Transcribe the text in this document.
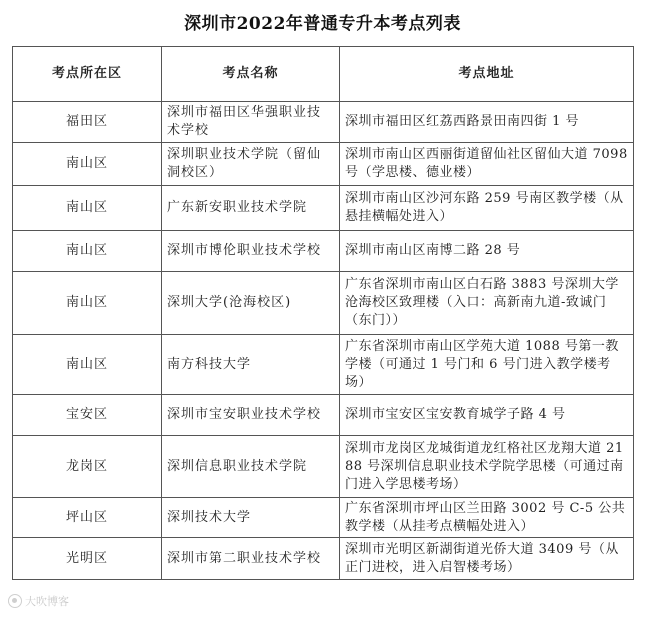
深圳市2022年普通专升本考点列表
考点所在区	考点名称	考点地址
福田区	深圳市福田区华强职业技术学校	深圳市福田区红荔西路景田南四街 1 号
南山区	深圳职业技术学院（留仙洞校区）	深圳市南山区西丽街道留仙社区留仙大道 7098 号（学思楼、德业楼）
南山区	广东新安职业技术学院	深圳市南山区沙河东路 259 号南区教学楼（从悬挂横幅处进入）
南山区	深圳市博伦职业技术学校	深圳市南山区南博二路 28 号
南山区	深圳大学(沧海校区)	广东省深圳市南山区白石路 3883 号深圳大学沧海校区致理楼（入口：高新南九道-致诚门（东门））
南山区	南方科技大学	广东省深圳市南山区学苑大道 1088 号第一教学楼（可通过 1 号门和 6 号门进入教学楼考场）
宝安区	深圳市宝安职业技术学校	深圳市宝安区宝安教育城学子路 4 号
龙岗区	深圳信息职业技术学院	深圳市龙岗区龙城街道龙红格社区龙翔大道 2188 号深圳信息职业技术学院学思楼（可通过南门进入学思楼考场）
坪山区	深圳技术大学	广东省深圳市坪山区兰田路 3002 号 C-5 公共教学楼（从挂考点横幅处进入）
光明区	深圳市第二职业技术学校	深圳市光明区新湖街道光侨大道 3409 号（从正门进校，进入启智楼考场）
大吹博客
